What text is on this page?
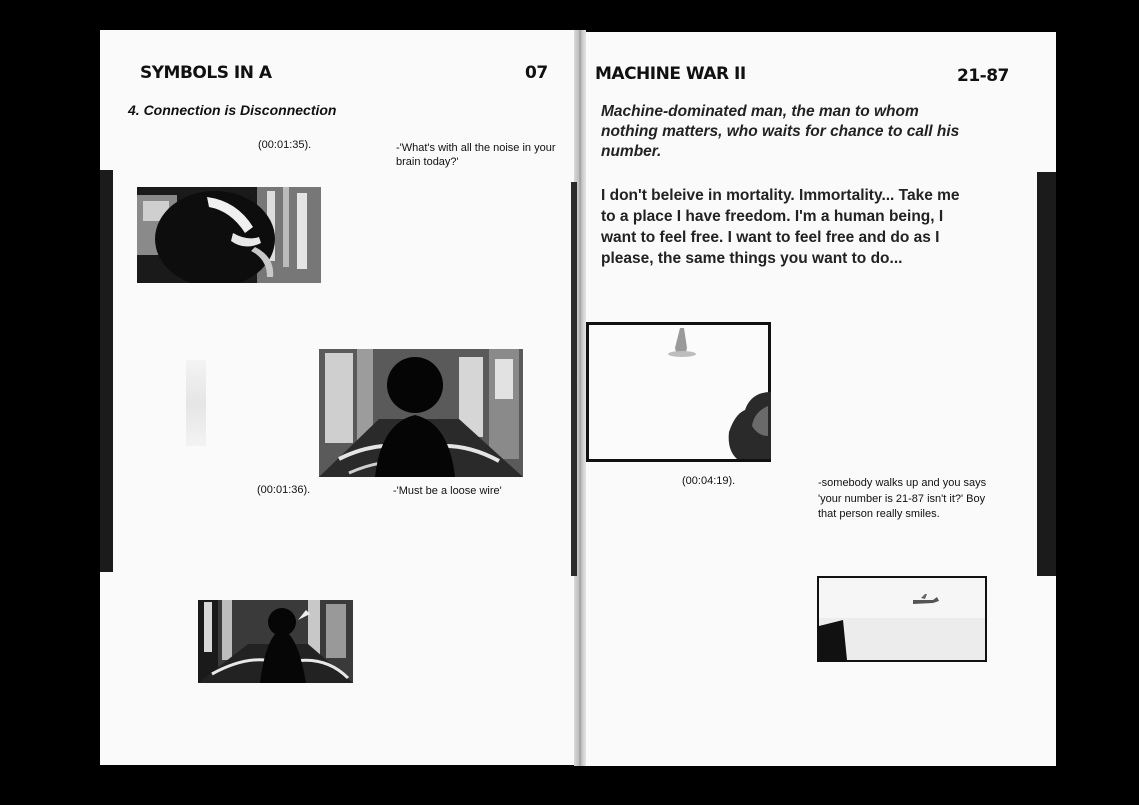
SYMBOLS IN A	07
4. Connection is Disconnection
(00:01:35).	-'What's with all the noise in your brain today?'
(00:01:36).	-'Must be a loose wire'
MACHINE WAR II	21-87
Machine-dominated man, the man to whom nothing matters, who waits for chance to call his number.
I don't beleive in mortality. Immortality... Take me to a place I have freedom. I'm a human being, I want to feel free. I want to feel free and do as I please, the same things you want to do...
(00:04:19).	-somebody walks up and you says 'your number is 21-87 isn't it?' Boy that person really smiles.
